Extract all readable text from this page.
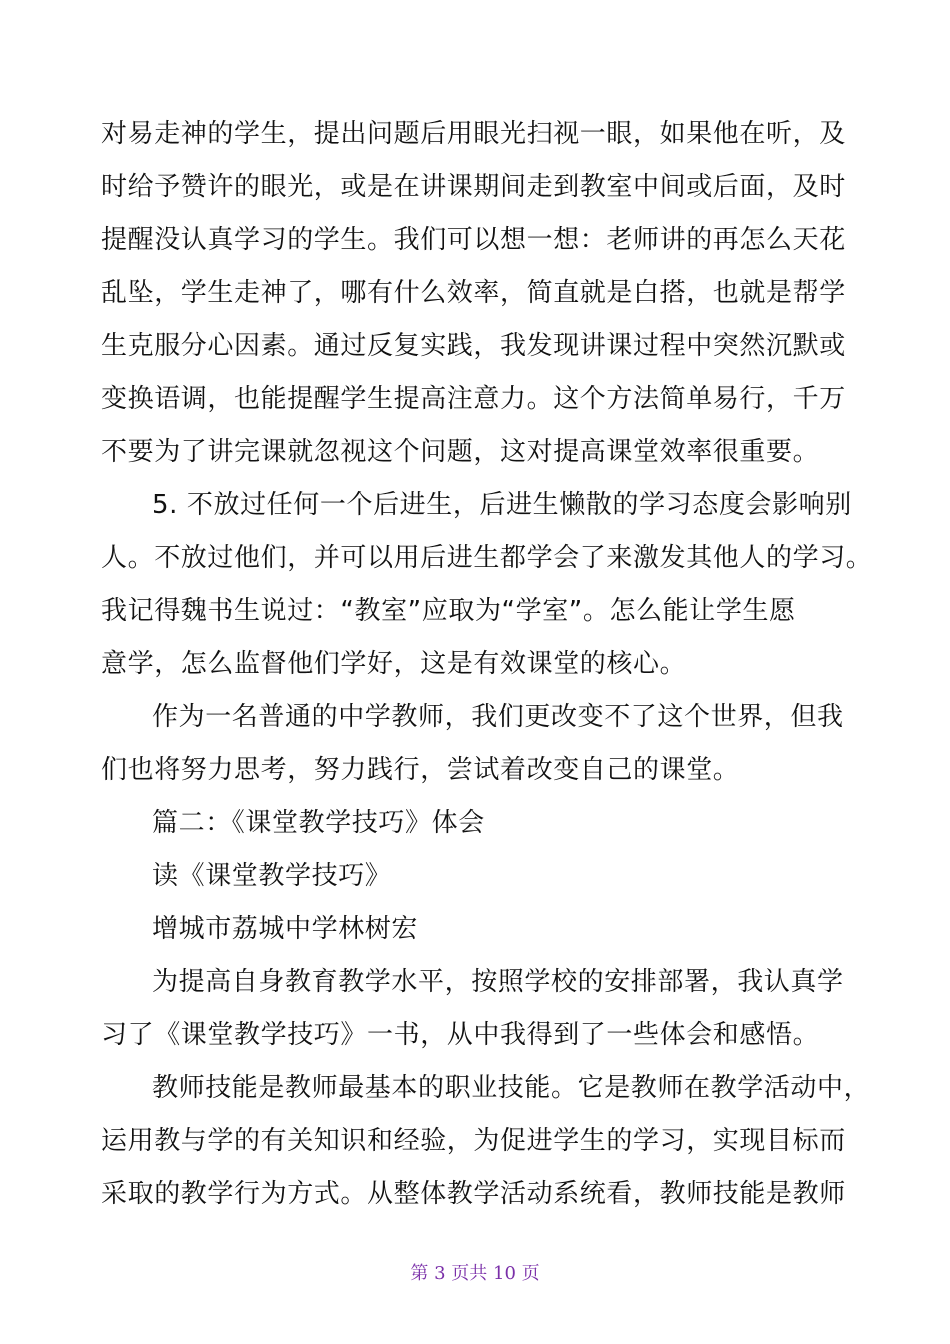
对易走神的学生，提出问题后用眼光扫视一眼，如果他在听，及
时给予赞许的眼光，或是在讲课期间走到教室中间或后面，及时
提醒没认真学习的学生。我们可以想一想：老师讲的再怎么天花
乱坠，学生走神了，哪有什么效率，简直就是白搭，也就是帮学
生克服分心因素。通过反复实践，我发现讲课过程中突然沉默或
变换语调，也能提醒学生提高注意力。这个方法简单易行，千万
不要为了讲完课就忽视这个问题，这对提高课堂效率很重要。
5. 不放过任何一个后进生，后进生懒散的学习态度会影响别
人。不放过他们，并可以用后进生都学会了来激发其他人的学习。
我记得魏书生说过：“教室”应取为“学室”。怎么能让学生愿
意学，怎么监督他们学好，这是有效课堂的核心。
作为一名普通的中学教师，我们更改变不了这个世界，但我
们也将努力思考，努力践行，尝试着改变自己的课堂。
篇二：《课堂教学技巧》体会
读《课堂教学技巧》
增城市荔城中学林树宏
为提高自身教育教学水平，按照学校的安排部署，我认真学
习了《课堂教学技巧》一书，从中我得到了一些体会和感悟。
教师技能是教师最基本的职业技能。它是教师在教学活动中，
运用教与学的有关知识和经验，为促进学生的学习，实现目标而
采取的教学行为方式。从整体教学活动系统看，教师技能是教师
第 3 页共 10 页
